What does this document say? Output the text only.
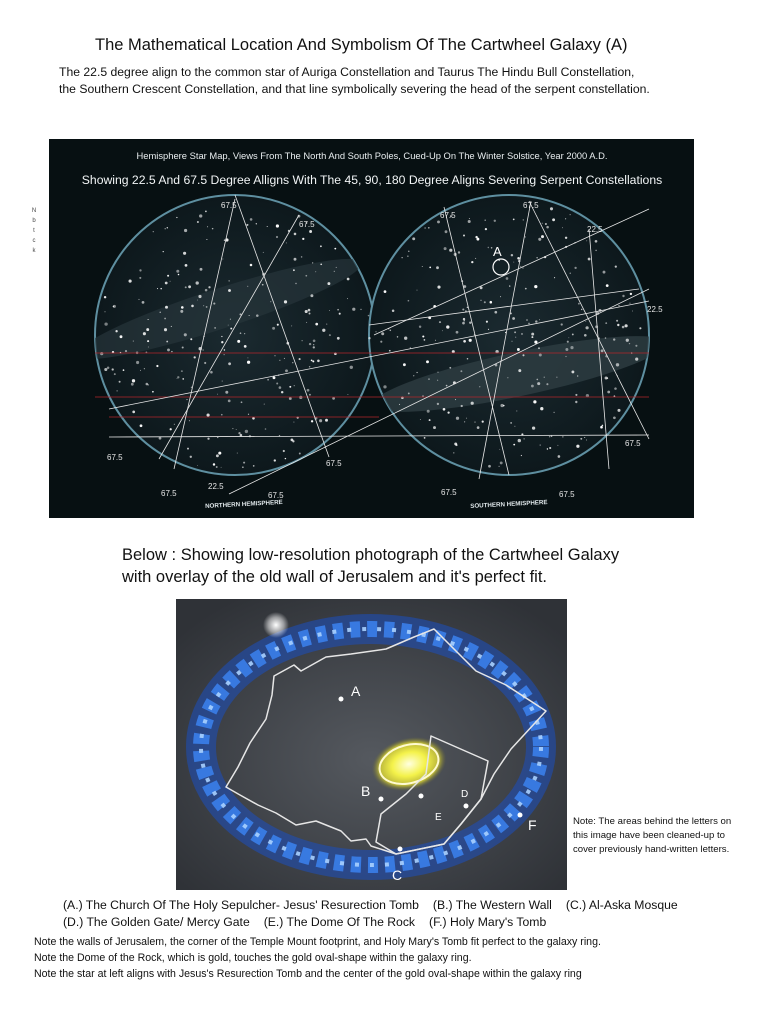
The Mathematical Location And Symbolism Of The Cartwheel Galaxy (A)
The 22.5 degree align to the common star of Auriga Constellation and Taurus The Hindu Bull Constellation,
the Southern Crescent Constellation, and that line symbolically severing the head of the serpent constellation.
N
b
t
c
k
Hemisphere Star Map, Views From The North And South Poles, Cued-Up On The Winter Solstice, Year 2000 A.D.
Showing 22.5 And 67.5 Degree Alligns With The 45, 90, 180 Degree Aligns Severing Serpent Constellations
A
67.5
67.5
67.5
67.5
22.5
67.5	67.5
67.5
67.5
22.5
22.5
67.5
67.5	67.5
NORTHERN HEMISPHERE	SOUTHERN HEMISPHERE
Below : Showing low-resolution photograph of the Cartwheel Galaxy
with overlay of the old wall of Jerusalem and it's perfect fit.
A
B
C
D
E	F	Note: The areas behind the letters on this image have been cleaned-up to cover previously hand-written letters.
(A.) The Church Of The Holy Sepulcher- Jesus' Resurection Tomb (B.) The Western Wall (C.) Al-Aska Mosque
(D.) The Golden Gate/ Mercy Gate (E.) The Dome Of The Rock (F.) Holy Mary's Tomb
Note the walls of Jerusalem, the corner of the Temple Mount footprint, and Holy Mary's Tomb fit perfect to the galaxy ring.
Note the Dome of the Rock, which is gold, touches the gold oval-shape within the galaxy ring.
Note the star at left aligns with Jesus's Resurection Tomb and the center of the gold oval-shape within the galaxy ring
